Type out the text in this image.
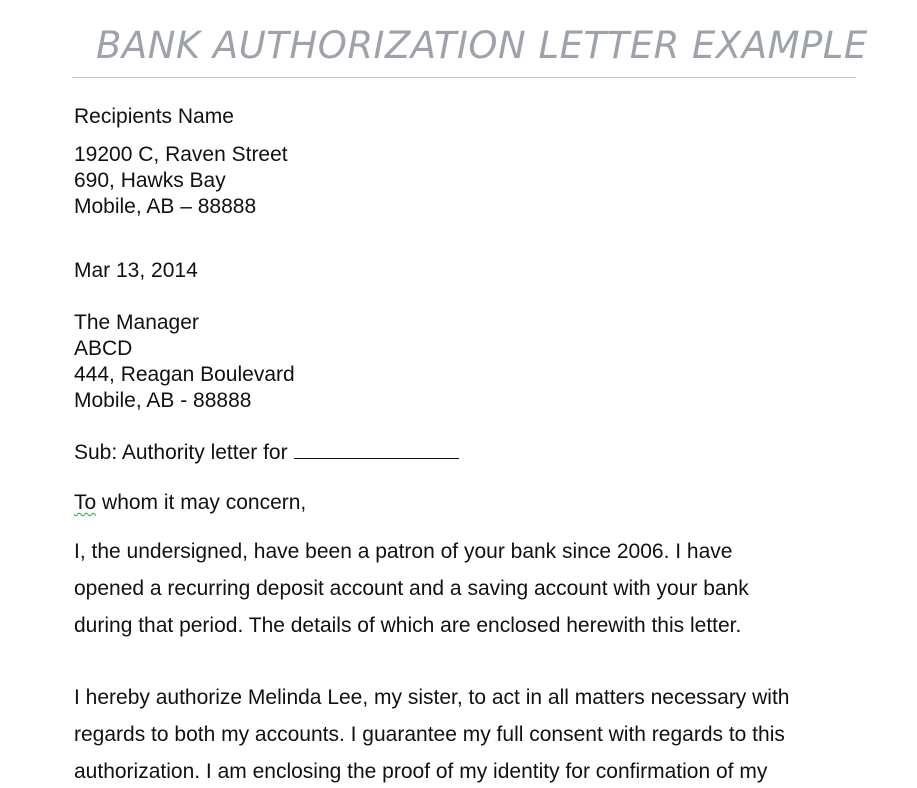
BANK AUTHORIZATION LETTER EXAMPLE
Recipients Name
19200 C, Raven Street
690, Hawks Bay
Mobile, AB – 88888
Mar 13, 2014
The Manager
ABCD
444, Reagan Boulevard
Mobile, AB - 88888
Sub: Authority letter for
To whom it may concern,
I, the undersigned, have been a patron of your bank since 2006. I have
opened a recurring deposit account and a saving account with your bank
during that period. The details of which are enclosed herewith this letter.
I hereby authorize Melinda Lee, my sister, to act in all matters necessary with
regards to both my accounts. I guarantee my full consent with regards to this
authorization. I am enclosing the proof of my identity for confirmation of my
